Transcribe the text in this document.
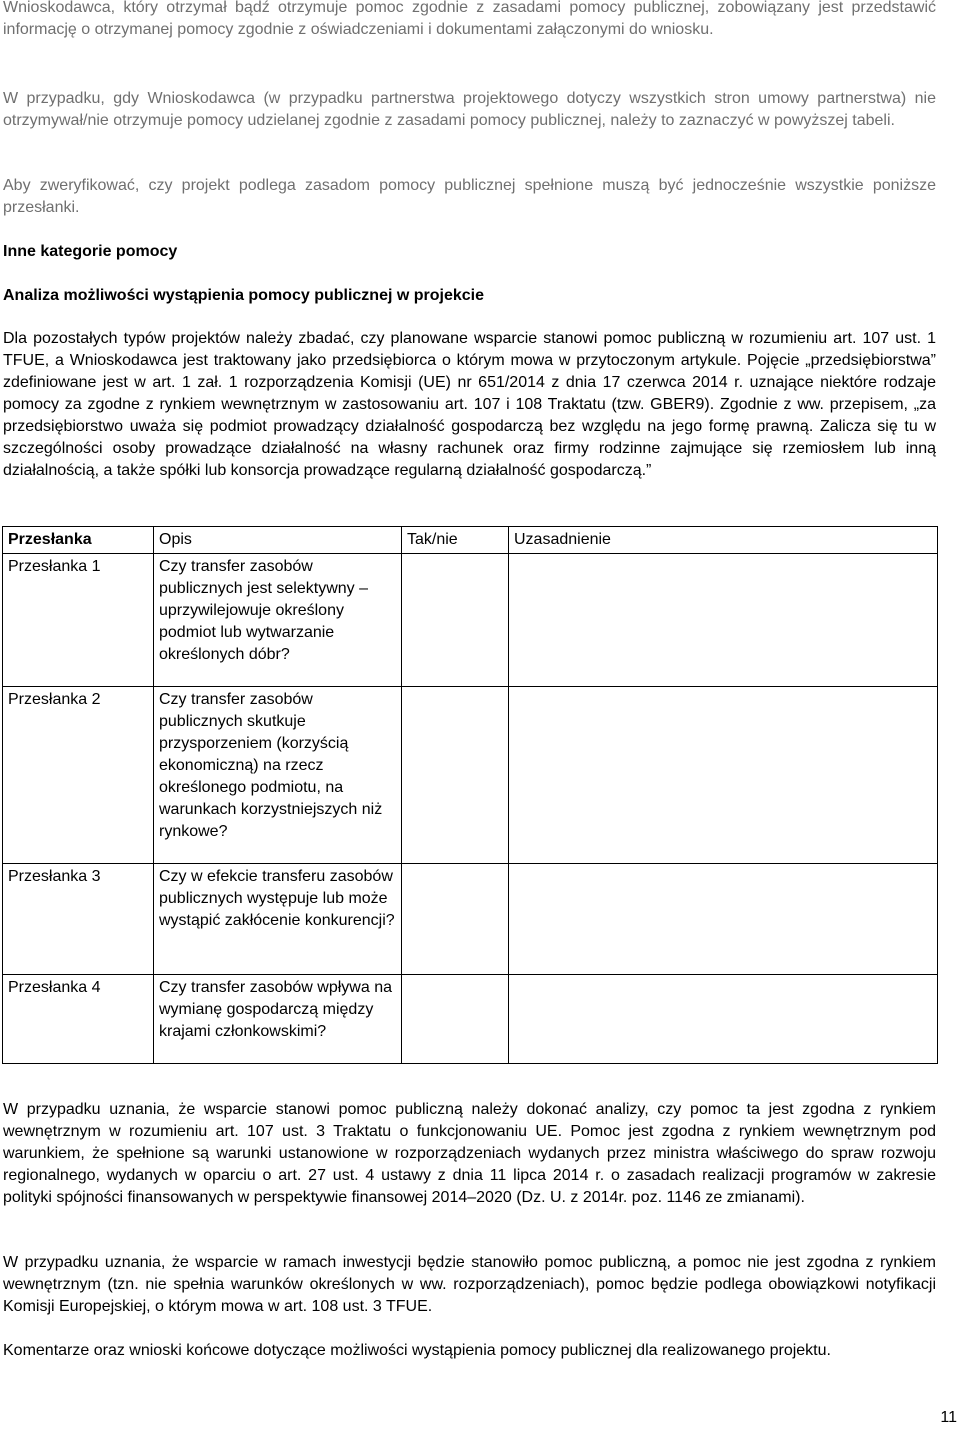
Wnioskodawca, który otrzymał bądź otrzymuje pomoc zgodnie z zasadami pomocy publicznej, zobowiązany jest przedstawić informację o otrzymanej pomocy zgodnie z oświadczeniami i dokumentami załączonymi do wniosku.

W przypadku, gdy Wnioskodawca (w przypadku partnerstwa projektowego dotyczy wszystkich stron umowy partnerstwa) nie otrzymywał/nie otrzymuje pomocy udzielanej zgodnie z zasadami pomocy publicznej, należy to zaznaczyć w powyższej tabeli.

Aby zweryfikować, czy projekt podlega zasadom pomocy publicznej spełnione muszą być jednocześnie wszystkie poniższe przesłanki.

Inne kategorie pomocy

Analiza możliwości wystąpienia pomocy publicznej w projekcie

Dla pozostałych typów projektów należy zbadać, czy planowane wsparcie stanowi pomoc publiczną w rozumieniu art. 107 ust. 1 TFUE, a Wnioskodawca jest traktowany jako przedsiębiorca o którym mowa w przytoczonym artykule. Pojęcie „przedsiębiorstwa” zdefiniowane jest w art. 1 zał. 1 rozporządzenia Komisji (UE) nr 651/2014 z dnia 17 czerwca 2014 r. uznające niektóre rodzaje pomocy za zgodne z rynkiem wewnętrznym w zastosowaniu art. 107 i 108 Traktatu (tzw. GBER9). Zgodnie z ww. przepisem, „za przedsiębiorstwo uważa się podmiot prowadzący działalność gospodarczą bez względu na jego formę prawną. Zalicza się tu w szczególności osoby prowadzące działalność na własny rachunek oraz firmy rodzinne zajmujące się rzemiosłem lub inną działalnością, a także spółki lub konsorcja prowadzące regularną działalność gospodarczą.”

Przesłanka	Opis	Tak/nie	Uzasadnienie
Przesłanka 1	Czy transfer zasobów publicznych jest selektywny – uprzywilejowuje określony podmiot lub wytwarzanie określonych dóbr?		
Przesłanka 2	Czy transfer zasobów publicznych skutkuje przysporzeniem (korzyścią ekonomiczną) na rzecz określonego podmiotu, na warunkach korzystniejszych niż rynkowe?		
Przesłanka 3	Czy w efekcie transferu zasobów publicznych występuje lub może wystąpić zakłócenie konkurencji?		
Przesłanka 4	Czy transfer zasobów wpływa na wymianę gospodarczą między krajami członkowskimi?		

W przypadku uznania, że wsparcie stanowi pomoc publiczną należy dokonać analizy, czy pomoc ta jest zgodna z rynkiem wewnętrznym w rozumieniu art. 107 ust. 3 Traktatu o funkcjonowaniu UE. Pomoc jest zgodna z rynkiem wewnętrznym pod warunkiem, że spełnione są warunki ustanowione w rozporządzeniach wydanych przez ministra właściwego do spraw rozwoju regionalnego, wydanych w oparciu o art. 27 ust. 4 ustawy z dnia 11 lipca 2014 r. o zasadach realizacji programów w zakresie polityki spójności finansowanych w perspektywie finansowej 2014–2020 (Dz. U. z 2014r. poz. 1146 ze zmianami).

W przypadku uznania, że wsparcie w ramach inwestycji będzie stanowiło pomoc publiczną, a pomoc nie jest zgodna z rynkiem wewnętrznym (tzn. nie spełnia warunków określonych w ww. rozporządzeniach), pomoc będzie podlega obowiązkowi notyfikacji Komisji Europejskiej, o którym mowa w art. 108 ust. 3 TFUE.

Komentarze oraz wnioski końcowe dotyczące możliwości wystąpienia pomocy publicznej dla realizowanego projektu.

11
